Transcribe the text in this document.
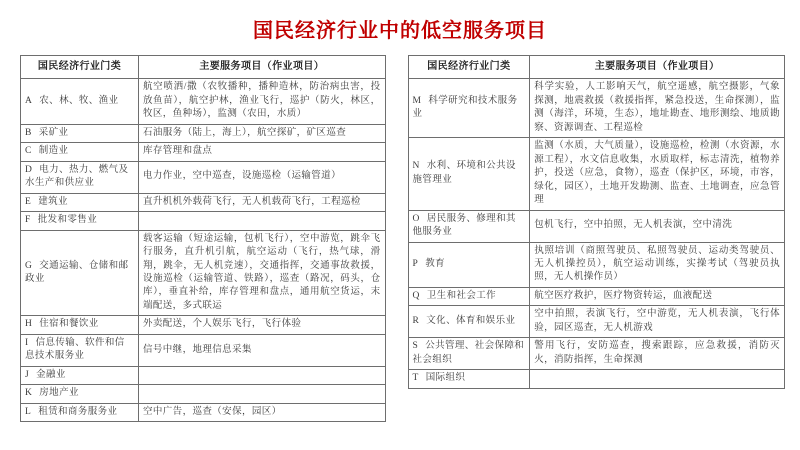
国民经济行业中的低空服务项目
国民经济行业门类	主要服务项目（作业项目）
A 农、林、牧、渔业	航空喷洒/撒（农牧播种，播种造林，防治病虫害，投放鱼苗），航空护林，渔业飞行，巡护（防火，林区，牧区，鱼种场），监测（农田，水质）
B 采矿业	石油服务（陆上，海上），航空探矿，矿区巡查
C 制造业	库存管理和盘点
D 电力、热力、燃气及水生产和供应业	电力作业，空中巡查，设施巡检（运输管道）
E 建筑业	直升机机外载荷飞行，无人机载荷飞行，工程巡检
F 批发和零售业	
G 交通运输、仓储和邮政业	载客运输（短途运输，包机飞行），空中游览，跳伞飞行服务，直升机引航，航空运动（飞行，热气球，滑翔，跳伞，无人机竞速），交通指挥，交通事故救援，设施巡检（运输管道、铁路），巡查（路况，码头，仓库），垂直补给，库存管理和盘点，通用航空货运，末端配送，多式联运
H 住宿和餐饮业	外卖配送，个人娱乐飞行，飞行体验
I 信息传输、软件和信息技术服务业	信号中继，地理信息采集
J 金融业	
K 房地产业	
L 租赁和商务服务业	空中广告，巡查（安保，园区）
国民经济行业门类	主要服务项目（作业项目）
M 科学研究和技术服务业	科学实验，人工影响天气，航空遥感，航空摄影，气象探测，地震救援（救援指挥，紧急投送，生命探测），监测（海洋，环境，生态），地址勘查、地形测绘、地质勘察、资源调查、工程巡检
N 水利、环境和公共设施管理业	监测（水质，大气质量），设施巡检，检测（水资源，水源工程），水文信息收集，水质取样，标志清洗，植物养护，投送（应急，食物），巡查（保护区，环境，市容，绿化，园区），土地开发勘测、监查、土地调查，应急管理
O 居民服务、修理和其他服务业	包机飞行，空中拍照，无人机表演，空中清洗
P 教育	执照培训（商照驾驶员、私照驾驶员、运动类驾驶员、无人机操控员），航空运动训练，实操考试（驾驶员执照，无人机操作员）
Q 卫生和社会工作	航空医疗救护，医疗物资转运，血液配送
R 文化、体育和娱乐业	空中拍照，表演飞行，空中游览，无人机表演，飞行体验，园区巡查，无人机游戏
S 公共管理、社会保障和社会组织	警用飞行，安防巡查，搜索跟踪，应急救援，消防灭火，消防指挥，生命探测
T 国际组织	
